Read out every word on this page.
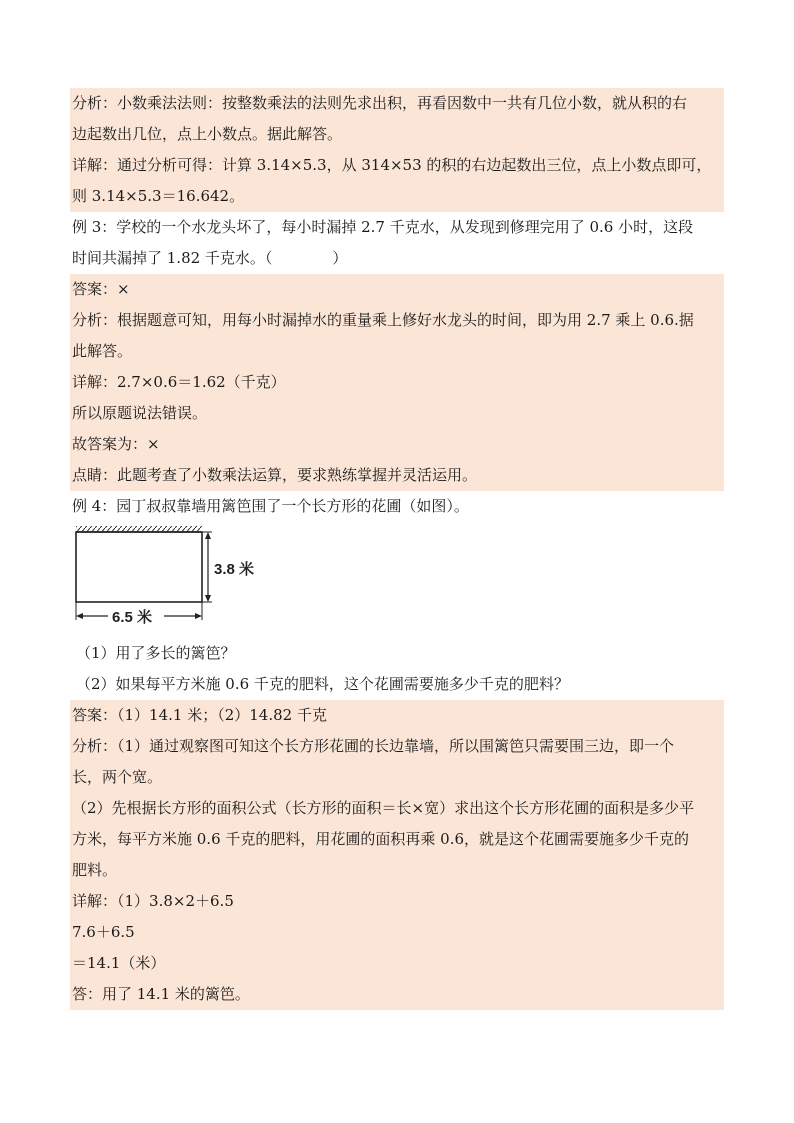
分析：小数乘法法则：按整数乘法的法则先求出积，再看因数中一共有几位小数，就从积的右
边起数出几位，点上小数点。据此解答。
详解：通过分析可得：计算 3.14×5.3，从 314×53 的积的右边起数出三位，点上小数点即可，
则 3.14×5.3＝16.642。
例 3：学校的一个水龙头坏了，每小时漏掉 2.7 千克水，从发现到修理完用了 0.6 小时，这段
时间共漏掉了 1.82 千克水。（　　　　）
答案：×
分析：根据题意可知，用每小时漏掉水的重量乘上修好水龙头的时间，即为用 2.7 乘上 0.6.据
此解答。
详解：2.7×0.6＝1.62（千克）
所以原题说法错误。
故答案为：×
点睛：此题考查了小数乘法运算，要求熟练掌握并灵活运用。
例 4：园丁叔叔靠墙用篱笆围了一个长方形的花圃（如图）。
3.8 米
6.5 米
（1）用了多长的篱笆？
（2）如果每平方米施 0.6 千克的肥料，这个花圃需要施多少千克的肥料？
答案：（1）14.1 米；（2）14.82 千克
分析：（1）通过观察图可知这个长方形花圃的长边靠墙，所以围篱笆只需要围三边，即一个
长，两个宽。
（2）先根据长方形的面积公式（长方形的面积＝长×宽）求出这个长方形花圃的面积是多少平
方米，每平方米施 0.6 千克的肥料，用花圃的面积再乘 0.6，就是这个花圃需要施多少千克的
肥料。
详解：（1）3.8×2＋6.5
7.6＋6.5
＝14.1（米）
答：用了 14.1 米的篱笆。
